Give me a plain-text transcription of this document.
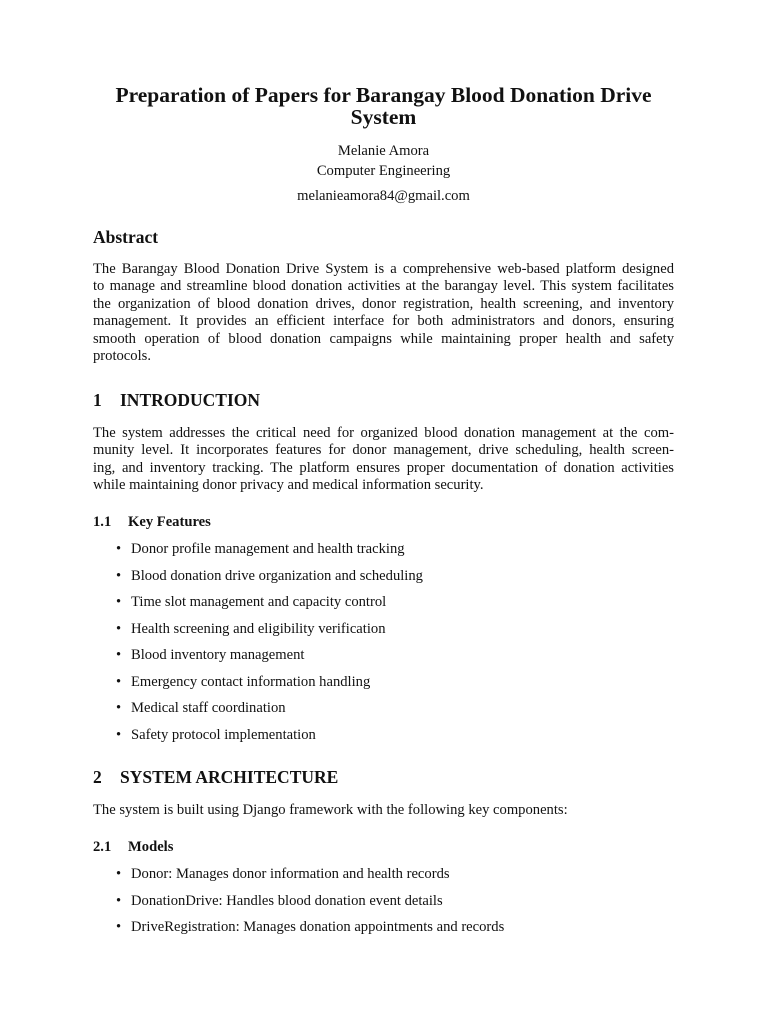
Preparation of Papers for Barangay Blood Donation Drive
System
Melanie Amora
Computer Engineering
melanieamora84@gmail.com
Abstract
The Barangay Blood Donation Drive System is a comprehensive web-based platform designed
to manage and streamline blood donation activities at the barangay level. This system facilitates
the organization of blood donation drives, donor registration, health screening, and inventory
management. It provides an efficient interface for both administrators and donors, ensuring
smooth operation of blood donation campaigns while maintaining proper health and safety
protocols.
1 INTRODUCTION
The system addresses the critical need for organized blood donation management at the com-
munity level. It incorporates features for donor management, drive scheduling, health screen-
ing, and inventory tracking. The platform ensures proper documentation of donation activities
while maintaining donor privacy and medical information security.
1.1 Key Features
• Donor profile management and health tracking
• Blood donation drive organization and scheduling
• Time slot management and capacity control
• Health screening and eligibility verification
• Blood inventory management
• Emergency contact information handling
• Medical staff coordination
• Safety protocol implementation
2 SYSTEM ARCHITECTURE
The system is built using Django framework with the following key components:
2.1 Models
• Donor: Manages donor information and health records
• DonationDrive: Handles blood donation event details
• DriveRegistration: Manages donation appointments and records
